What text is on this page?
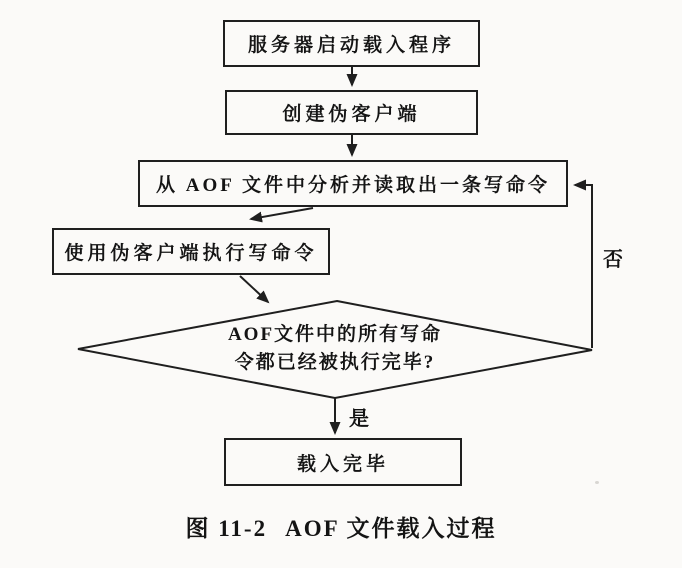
服务器启动载入程序
创建伪客户端
从 AOF 文件中分析并读取出一条写命令
使用伪客户端执行写命令
AOF文件中的所有写命
令都已经被执行完毕?
载入完毕
是
否
图 11-2 AOF 文件载入过程
